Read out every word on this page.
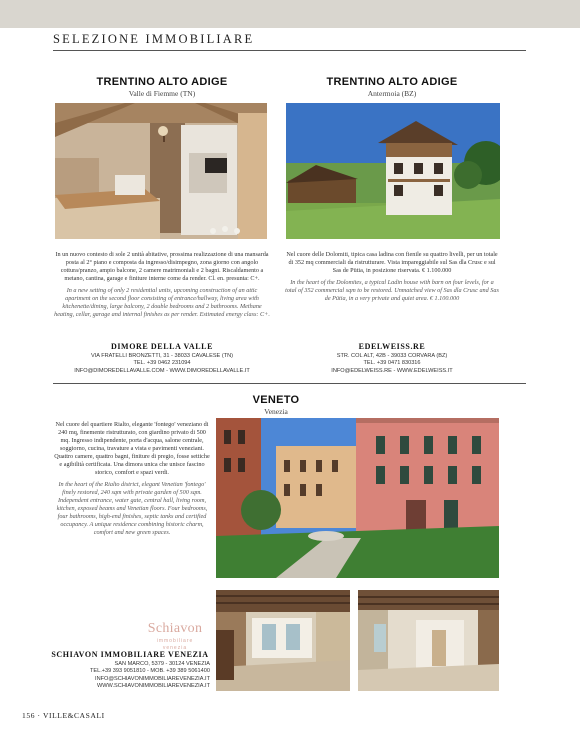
SELEZIONE IMMOBILIARE
TRENTINO ALTO ADIGE
Valle di Fiemme (TN)

In un nuovo contesto di sole 2 unità abitative, prossima realizzazione di una mansarda posta al 2° piano e composta da ingresso/disimpegno, zona giorno con angolo cottura/pranzo, ampio balcone, 2 camere matrimoniali e 2 bagni. Riscaldamento a metano, cantina, garage e finiture interne come da render. Cl. en. presunta: C+.

In a new setting of only 2 residential units, upcoming construction of an attic apartment on the second floor consisting of entrance/hallway, living area with kitchenette/dining, large balcony, 2 double bedrooms and 2 bathrooms. Methane heating, cellar, garage and internal finishes as per render. Estimated energy class: C+.

DIMORE DELLA VALLE
VIA FRATELLI BRONZETTI, 31 - 38033 CAVALESE (TN)
TEL. +39 0462 231094
INFO@DIMOREDELLAVALLE.COM - WWW.DIMOREDELLAVALLE.IT
TRENTINO ALTO ADIGE
Antermoia (BZ)

Nel cuore delle Dolomiti, tipica casa ladina con fienile su quattro livelli, per un totale di 352 mq commerciali da ristrutturare. Vista impareggiabile sul Sas dla Crusc e sul Sas de Pütia, in posizione riservata. € 1.100.000

In the heart of the Dolomites, a typical Ladin house with barn on four levels, for a total of 352 commercial sqm to be restored. Unmatched view of Sas dla Crusc and Sas de Pütia, in a very private and quiet area. € 1.100.000

EDELWEISS.RE
STR. COL ALT, 42B - 39033 CORVARA (BZ)
TEL. +39 0471 830316
INFO@EDELWEISS.RE - WWW.EDELWEISS.IT
VENETO
Venezia

Nel cuore del quartiere Rialto, elegante 'fontego' veneziano di 240 mq, finemente ristrutturato, con giardino privato di 500 mq. Ingresso indipendente, porta d'acqua, salone centrale, soggiorno, cucina, travature a vista e pavimenti veneziani. Quattro camere, quattro bagni, finiture di pregio, fosse settiche e agibilità certificata. Una dimora unica che unisce fascino storico, comfort e spazi verdi.

In the heart of the Rialto district, elegant Venetian 'fontego' finely restored, 240 sqm with private garden of 500 sqm. Independent entrance, water gate, central hall, living room, kitchen, exposed beams and Venetian floors. Four bedrooms, four bathrooms, high-end finishes, septic tanks and certified occupancy. A unique residence combining historic charm, comfort and new green spaces.

Schiavon
immobiliare
venezia
SCHIAVON IMMOBILIARE VENEZIA
SAN MARCO, 5379 - 30124 VENEZIA
TEL.+39 393 9051810 - MOB. +39 389 5061400
INFO@SCHIAVONIMMOBILIAREVENEZIA.IT
WWW.SCHIAVONIMMOBILIAREVENEZIA.IT
156 · VILLE&CASALI
